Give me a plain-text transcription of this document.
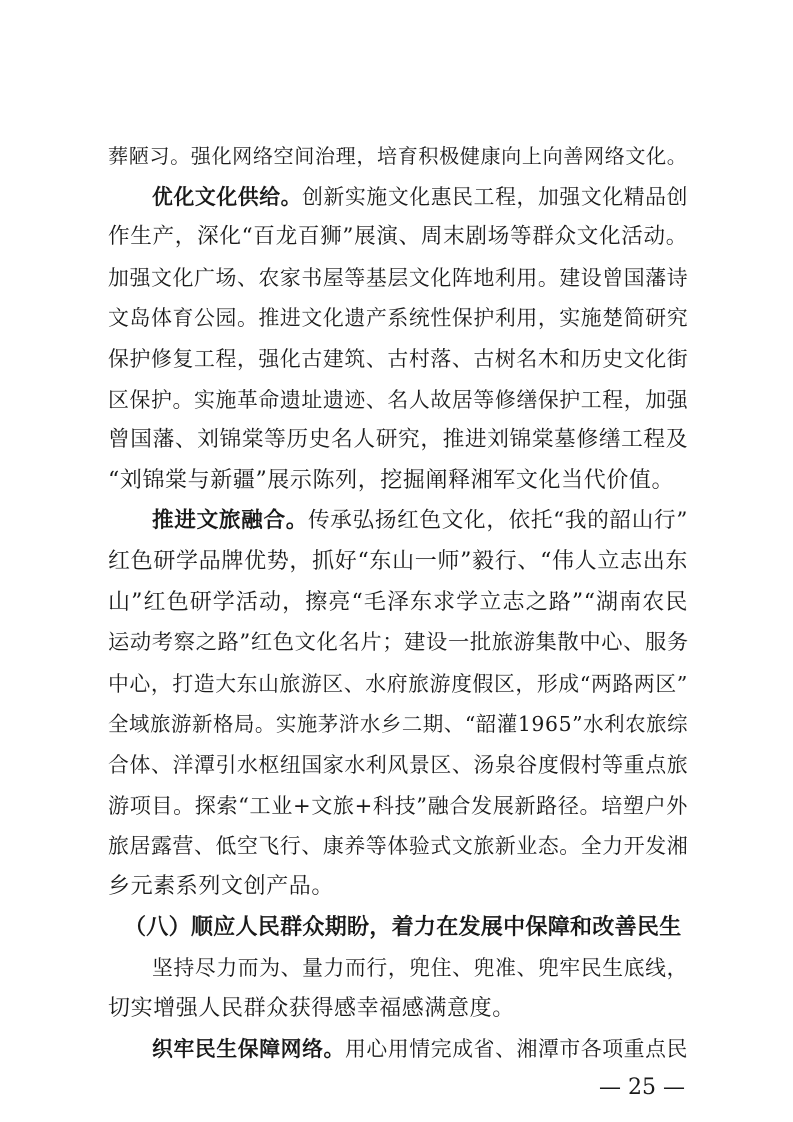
葬陋习。强化网络空间治理，培育积极健康向上向善网络文化。
优化文化供给。创新实施文化惠民工程，加强文化精品创
作生产，深化“百龙百狮”展演、周末剧场等群众文化活动。
加强文化广场、农家书屋等基层文化阵地利用。建设曾国藩诗
文岛体育公园。推进文化遗产系统性保护利用，实施楚简研究
保护修复工程，强化古建筑、古村落、古树名木和历史文化街
区保护。实施革命遗址遗迹、名人故居等修缮保护工程，加强
曾国藩、刘锦棠等历史名人研究，推进刘锦棠墓修缮工程及
“刘锦棠与新疆”展示陈列，挖掘阐释湘军文化当代价值。
推进文旅融合。传承弘扬红色文化，依托“我的韶山行”
红色研学品牌优势，抓好“东山一师”毅行、“伟人立志出东
山”红色研学活动，擦亮“毛泽东求学立志之路”“湖南农民
运动考察之路”红色文化名片；建设一批旅游集散中心、服务
中心，打造大东山旅游区、水府旅游度假区，形成“两路两区”
全域旅游新格局。实施茅浒水乡二期、“韶灌1965”水利农旅综
合体、洋潭引水枢纽国家水利风景区、汤泉谷度假村等重点旅
游项目。探索“工业+文旅+科技”融合发展新路径。培塑户外
旅居露营、低空飞行、康养等体验式文旅新业态。全力开发湘
乡元素系列文创产品。
（八）顺应人民群众期盼，着力在发展中保障和改善民生
坚持尽力而为、量力而行，兜住、兜准、兜牢民生底线，
切实增强人民群众获得感幸福感满意度。
织牢民生保障网络。用心用情完成省、湘潭市各项重点民
— 25 —
